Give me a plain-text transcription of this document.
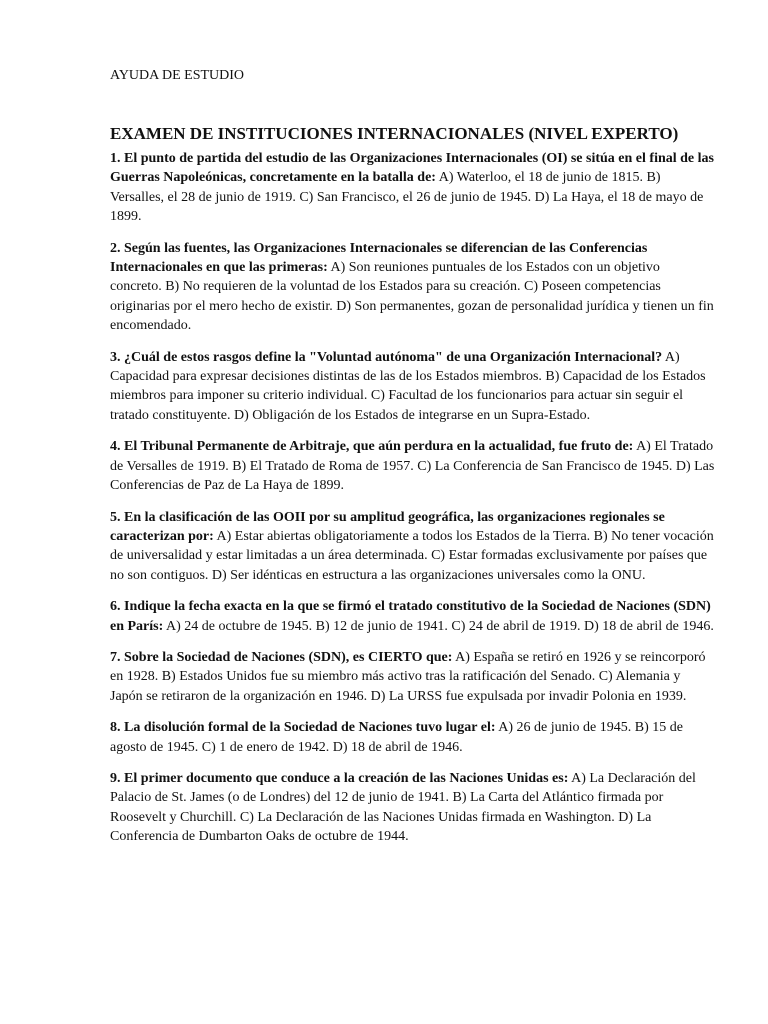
AYUDA DE ESTUDIO
EXAMEN DE INSTITUCIONES INTERNACIONALES (NIVEL EXPERTO)
1. El punto de partida del estudio de las Organizaciones Internacionales (OI) se sitúa en el final de las Guerras Napoleónicas, concretamente en la batalla de: A) Waterloo, el 18 de junio de 1815. B) Versalles, el 28 de junio de 1919. C) San Francisco, el 26 de junio de 1945. D) La Haya, el 18 de mayo de 1899.
2. Según las fuentes, las Organizaciones Internacionales se diferencian de las Conferencias Internacionales en que las primeras: A) Son reuniones puntuales de los Estados con un objetivo concreto. B) No requieren de la voluntad de los Estados para su creación. C) Poseen competencias originarias por el mero hecho de existir. D) Son permanentes, gozan de personalidad jurídica y tienen un fin encomendado.
3. ¿Cuál de estos rasgos define la "Voluntad autónoma" de una Organización Internacional? A) Capacidad para expresar decisiones distintas de las de los Estados miembros. B) Capacidad de los Estados miembros para imponer su criterio individual. C) Facultad de los funcionarios para actuar sin seguir el tratado constituyente. D) Obligación de los Estados de integrarse en un Supra-Estado.
4. El Tribunal Permanente de Arbitraje, que aún perdura en la actualidad, fue fruto de: A) El Tratado de Versalles de 1919. B) El Tratado de Roma de 1957. C) La Conferencia de San Francisco de 1945. D) Las Conferencias de Paz de La Haya de 1899.
5. En la clasificación de las OOII por su amplitud geográfica, las organizaciones regionales se caracterizan por: A) Estar abiertas obligatoriamente a todos los Estados de la Tierra. B) No tener vocación de universalidad y estar limitadas a un área determinada. C) Estar formadas exclusivamente por países que no son contiguos. D) Ser idénticas en estructura a las organizaciones universales como la ONU.
6. Indique la fecha exacta en la que se firmó el tratado constitutivo de la Sociedad de Naciones (SDN) en París: A) 24 de octubre de 1945. B) 12 de junio de 1941. C) 24 de abril de 1919. D) 18 de abril de 1946.
7. Sobre la Sociedad de Naciones (SDN), es CIERTO que: A) España se retiró en 1926 y se reincorporó en 1928. B) Estados Unidos fue su miembro más activo tras la ratificación del Senado. C) Alemania y Japón se retiraron de la organización en 1946. D) La URSS fue expulsada por invadir Polonia en 1939.
8. La disolución formal de la Sociedad de Naciones tuvo lugar el: A) 26 de junio de 1945. B) 15 de agosto de 1945. C) 1 de enero de 1942. D) 18 de abril de 1946.
9. El primer documento que conduce a la creación de las Naciones Unidas es: A) La Declaración del Palacio de St. James (o de Londres) del 12 de junio de 1941. B) La Carta del Atlántico firmada por Roosevelt y Churchill. C) La Declaración de las Naciones Unidas firmada en Washington. D) La Conferencia de Dumbarton Oaks de octubre de 1944.
